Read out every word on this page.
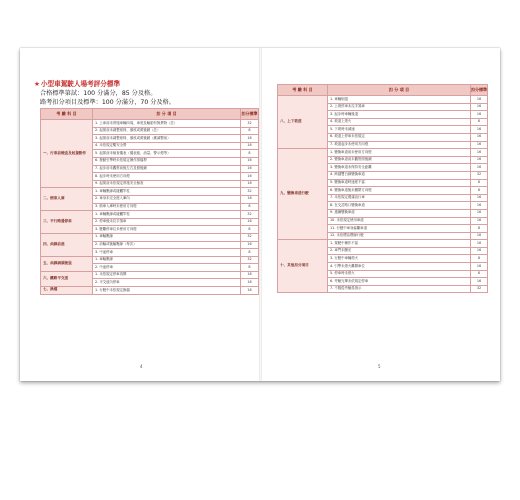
★小型車駕駛人場考評分標準
合格標準第試：100 分滿分，85 分及格。
路考扣分項目及標準：100 分滿分，70 分及格。
考 驗 科 目	扣 分 項 目	扣分標準
一、行車前檢查及起駕動作	1. 上車前未實施車輛四周、車底及輪胎有無異物（註）	32
	2. 起駕前未調整座椅、頭枕或照後鏡（註）	8
	3. 起駕前未調整座椅、頭枕或照後鏡（應調整前）	16
	4. 未依規定繫安全帶	16
	5. 起駕前未檢查儀表（儀表板、油量、警示燈等）	8
	6. 發動引擎時未依規定操作排檔桿	16
	7. 起步前未觀察前後左右及照後鏡	16
	8. 起步時未使用方向燈	16
	9. 起駕前未依規定實施安全檢查	16
二、倒車入庫	1. 車輛壓線或碰觸竿柱	32
	2. 車身未完全進入庫內	16
	3. 倒車入庫時未使用方向燈	8
三、平行路邊停車	1. 車輛壓線或碰觸竿柱	32
	2. 停車後未拉手煞車	16
	3. 駛離停車位未使用方向燈	8
四、曲線前進	1. 車輪壓線	32
	2. 前輪或後輪壓線（每次）	16
	3. 中途停車	8
五、曲線調頭後退	1. 車輪壓線	32
	2. 中途停車	8
六、鐵路平交道	1. 未依規定停車再開	16
	2. 平交道內停車	16
七、換檔	1. 行駛中未依規定換檔	16
4
考 驗 科 目	扣 分 項 目	扣分標準
八、上下坡道	1. 車輛倒退	16
	2. 上坡停車未拉手煞車	16
	3. 起步時車輛後退	16
	4. 坡道上熄火	8
	5. 下坡時未減速	16
	6. 坡道上停車未依規定	16
	7. 坡道起步未使用方向燈	16
九、變換車道行駛	1. 變換車道前未使用方向燈	16
	2. 變換車道前未觀察照後鏡	16
	3. 變換車道未保持安全距離	16
	4. 跨越雙白線變換車道	32
	5. 變換車道時速度不當	8
	6. 變換車道後未關閉方向燈	8
	7. 未依規定禮讓直行車	16
	8. 在交岔路口變換車道	16
	9. 連續變換車道	16
	10. 未依規定使用車道	16
	11. 行駛中車身偏離車道	8
	12. 未依標誌標線行駛	16
十、其他扣分項目	1. 駕駛中操作不當	16
	2. 車門未關妥	16
	3. 行駛中車輛熄火	8
	4. 引擎未熄火離開車位	16
	5. 停車時未熄火	8
	6. 考驗完畢未依規定停車	16
	7. 不服從考驗員指示	32
5
